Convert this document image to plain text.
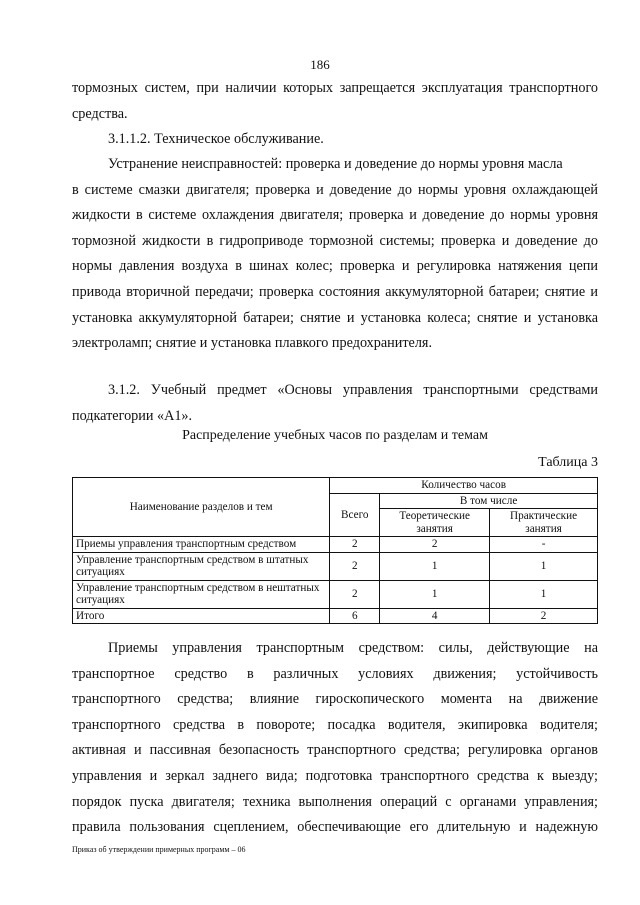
186
тормозных систем, при наличии которых запрещается эксплуатация транспортного
средства.
3.1.1.2. Техническое обслуживание.
Устранение неисправностей: проверка и доведение до нормы уровня масла
в системе смазки двигателя; проверка и доведение до нормы уровня охлаждающей
жидкости в системе охлаждения двигателя; проверка и доведение до нормы уровня
тормозной жидкости в гидроприводе тормозной системы; проверка и доведение до
нормы давления воздуха в шинах колес; проверка и регулировка натяжения цепи
привода вторичной передачи; проверка состояния аккумуляторной батареи; снятие и
установка аккумуляторной батареи; снятие и установка колеса; снятие и установка
электроламп; снятие и установка плавкого предохранителя.
3.1.2. Учебный предмет «Основы управления транспортными средствами
подкатегории «А1».
Распределение учебных часов по разделам и темам
Таблица 3
Наименование разделов и тем	Количество часов		
	Всего	В том числе	
		Теоретические занятия	Практические занятия
Приемы управления транспортным средством	2	2	-
Управление транспортным средством в штатных ситуациях	2	1	1
Управление транспортным средством в нештатных ситуациях	2	1	1
Итого	6	4	2
Приемы управления транспортным средством: силы, действующие на
транспортное средство в различных условиях движения; устойчивость
транспортного средства; влияние гироскопического момента на движение
транспортного средства в повороте; посадка водителя, экипировка водителя;
активная и пассивная безопасность транспортного средства; регулировка органов
управления и зеркал заднего вида; подготовка транспортного средства к выезду;
порядок пуска двигателя; техника выполнения операций с органами управления;
правила пользования сцеплением, обеспечивающие его длительную и надежную
Приказ об утверждении примерных программ – 06
